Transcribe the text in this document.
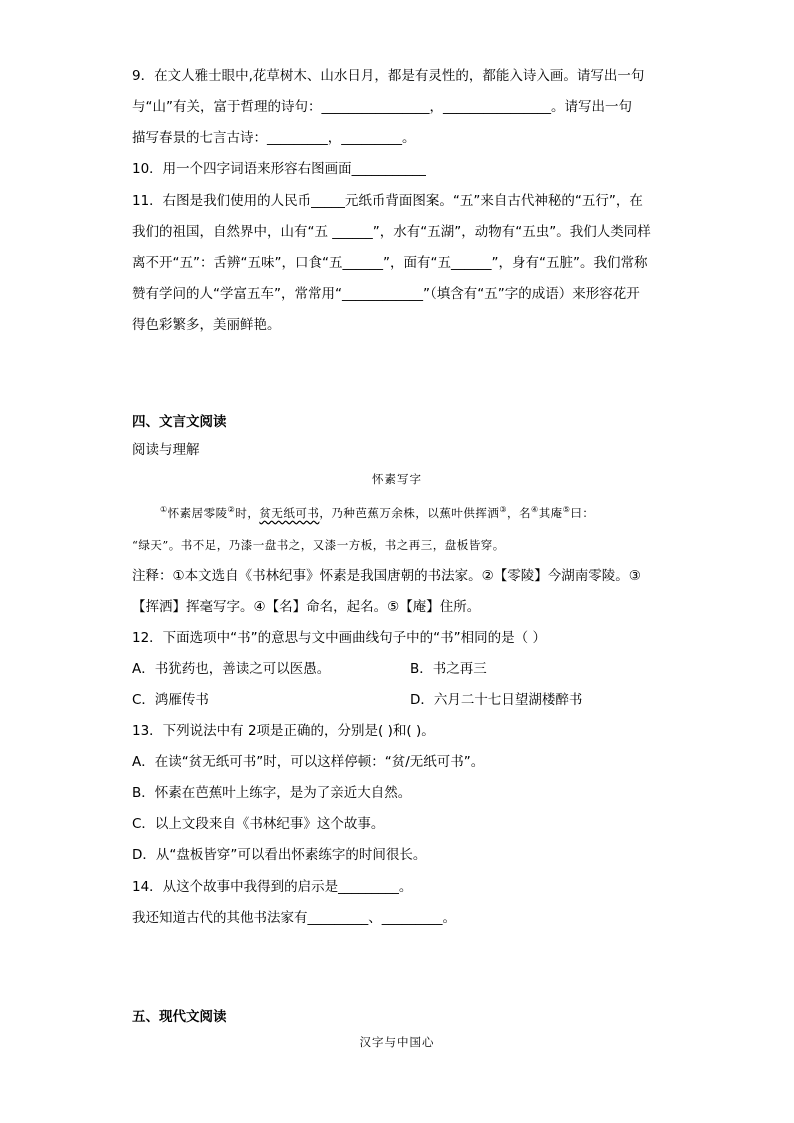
9．在文人雅士眼中,花草树木、山水日月，都是有灵性的，都能入诗入画。请写出一句
与“山”有关，富于哲理的诗句：________________，________________。请写出一句
描写春景的七言古诗：_________，_________。
10．用一个四字词语来形容右图画面___________
11．右图是我们使用的人民币_____元纸币背面图案。“五”来自古代神秘的“五行”，在
我们的祖国，自然界中，山有“五 ______”，水有“五湖”，动物有“五虫”。我们人类同样
离不开“五”：舌辨“五味”，口食“五______”，面有“五______”，身有“五脏”。我们常称
赞有学问的人“学富五车”，常常用“____________”（填含有“五”字的成语）来形容花开
得色彩繁多，美丽鲜艳。
四、文言文阅读
阅读与理解
怀素写字
①怀素居零陵②时，贫无纸可书，乃种芭蕉万余株，以蕉叶供挥洒③，名④其庵⑤曰：
“绿天”。书不足，乃漆一盘书之，又漆一方板，书之再三，盘板皆穿。
注释：①本文选自《书林纪事》怀素是我国唐朝的书法家。②【零陵】今湖南零陵。③
【挥洒】挥毫写字。④【名】命名，起名。⑤【庵】住所。
12．下面选项中“书”的意思与文中画曲线句子中的“书”相同的是（ ）
A．书犹药也，善读之可以医愚。	B．书之再三
C．鸿雁传书	D．六月二十七日望湖楼醉书
13．下列说法中有 2项是正确的，分别是( )和( )。
A．在读“贫无纸可书”时，可以这样停顿：“贫/无纸可书”。
B．怀素在芭蕉叶上练字，是为了亲近大自然。
C．以上文段来自《书林纪事》这个故事。
D．从“盘板皆穿”可以看出怀素练字的时间很长。
14．从这个故事中我得到的启示是_________。
我还知道古代的其他书法家有_________、_________。
五、现代文阅读
汉字与中国心
